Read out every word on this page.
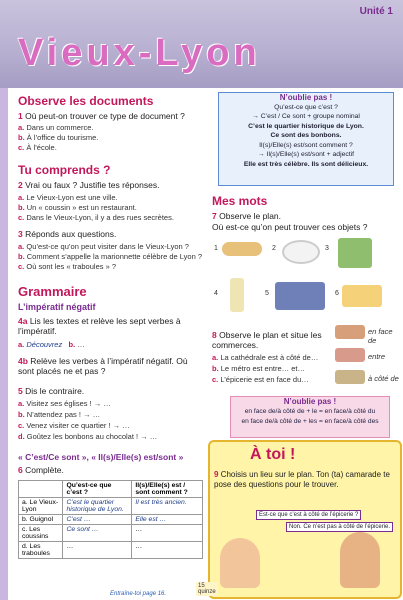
Unité 1
Vieux-Lyon
Observe les documents
1 Où peut-on trouver ce type de document ?
a. Dans un commerce.
b. À l’office du tourisme.
c. À l’école.
Tu comprends ?
2 Vrai ou faux ? Justifie tes réponses.
a. Le Vieux-Lyon est une ville.
b. Un « coussin » est un restaurant.
c. Dans le Vieux-Lyon, il y a des rues secrètes.
3 Réponds aux questions.
a. Qu’est-ce qu’on peut visiter dans le Vieux-Lyon ?
b. Comment s’appelle la marionnette célèbre de Lyon ?
c. Où sont les « traboules » ?
Grammaire
L’impératif négatif
4a Lis les textes et relève les sept verbes à l’impératif.
a. Découvrez b. …
4b Relève les verbes à l’impératif négatif. Où sont placés ne et pas ?
5 Dis le contraire.
a. Visitez ses églises ! → …
b. N’attendez pas ! → …
c. Venez visiter ce quartier ! → …
d. Goûtez les bonbons au chocolat ! → …
« C’est/Ce sont », « Il(s)/Elle(s) est/sont »
6 Complète.
	Qu’est-ce que c’est ?	Il(s)/Elle(s) est / sont comment ?
a. Le Vieux-Lyon	C’est le quartier historique de Lyon.	Il est très ancien.
b. Guignol	C’est …	Elle est …
c. Les coussins	Ce sont …	…
d. Les traboules	…	…
Entraîne-toi page 16.
N’oublie pas !
Qu’est-ce que c’est ?
→ C’est / Ce sont + groupe nominal
C’est le quartier historique de Lyon.
Ce sont des bonbons.
Il(s)/Elle(s) est/sont comment ?
→ Il(s)/Elle(s) est/sont + adjectif
Elle est très célèbre. Ils sont délicieux.
Mes mots
7 Observe le plan.
Où est-ce qu’on peut trouver ces objets ?
1	2	3
4	5	6
8 Observe le plan et situe les commerces.
a. La cathédrale est à côté de…
b. Le métro est entre… et…
c. L’épicerie est en face du…
en face de
entre
à côté de
N’oublie pas !
en face de/à côté de + le = en face/à côté du
en face de/à côté de + les = en face/à côté des
À toi !
9 Choisis un lieu sur le plan. Ton (ta) camarade te pose des questions pour le trouver.
Est-ce que c’est à côté de l’épicerie ?
Non. Ce n’est pas à côté de l’épicerie.
15
quinze
